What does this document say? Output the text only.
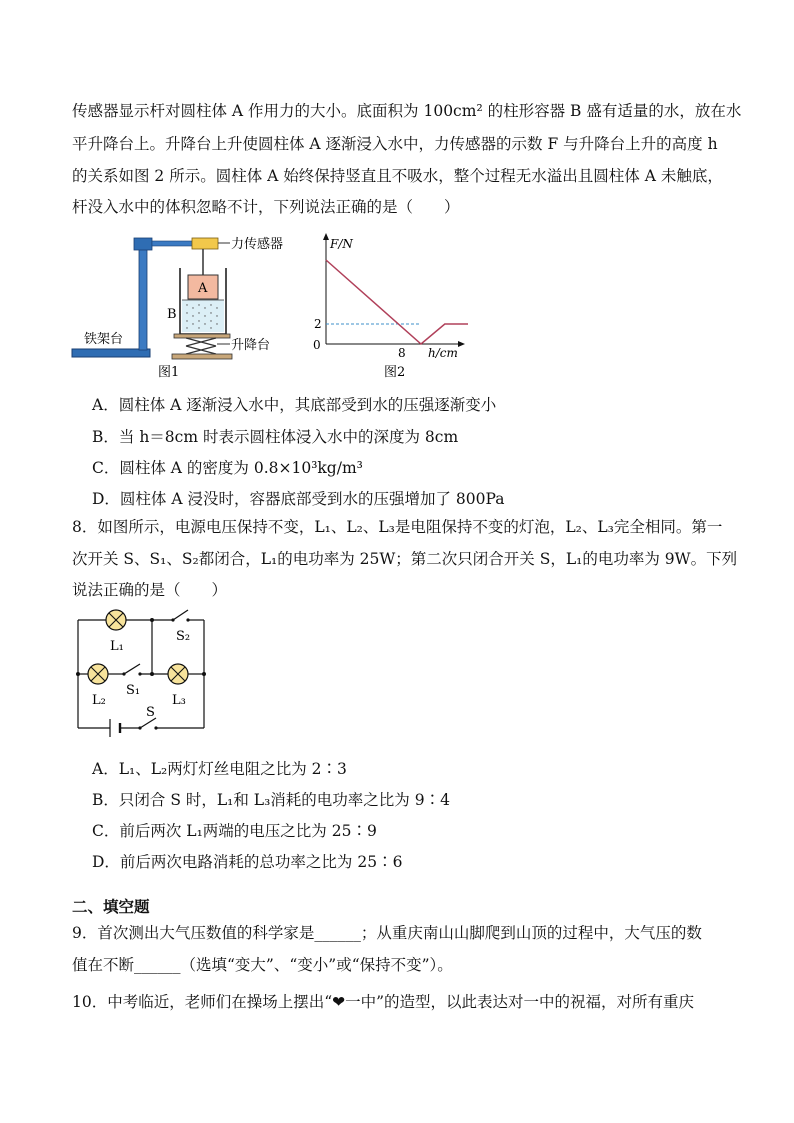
传感器显示杆对圆柱体 A 作用力的大小。底面积为 100cm² 的柱形容器 B 盛有适量的水，放在水
平升降台上。升降台上升使圆柱体 A 逐渐浸入水中，力传感器的示数 F 与升降台上升的高度 h
的关系如图 2 所示。圆柱体 A 始终保持竖直且不吸水，整个过程无水溢出且圆柱体 A 未触底，
杆没入水中的体积忽略不计，下列说法正确的是（　　）
A
B
力传感器
铁架台	升降台
图1
F/N
h/cm
0
2
8
图2
A．圆柱体 A 逐渐浸入水中，其底部受到水的压强逐渐变小
B．当 h＝8cm 时表示圆柱体浸入水中的深度为 8cm
C．圆柱体 A 的密度为 0.8×10³kg/m³
D．圆柱体 A 浸没时，容器底部受到水的压强增加了 800Pa
8．如图所示，电源电压保持不变，L₁、L₂、L₃是电阻保持不变的灯泡，L₂、L₃完全相同。第一
次开关 S、S₁、S₂都闭合，L₁的电功率为 25W；第二次只闭合开关 S，L₁的电功率为 9W。下列
说法正确的是（　　）
L₁
L₂	L₃
S₂
S₁
S
A．L₁、L₂两灯灯丝电阻之比为 2∶3
B．只闭合 S 时，L₁和 L₃消耗的电功率之比为 9∶4
C．前后两次 L₁两端的电压之比为 25∶9
D．前后两次电路消耗的总功率之比为 25∶6
二、填空题
9．首次测出大气压数值的科学家是______；从重庆南山山脚爬到山顶的过程中，大气压的数
值在不断______（选填“变大”、“变小”或“保持不变”）。
10．中考临近，老师们在操场上摆出“❤一中”的造型，以此表达对一中的祝福，对所有重庆
